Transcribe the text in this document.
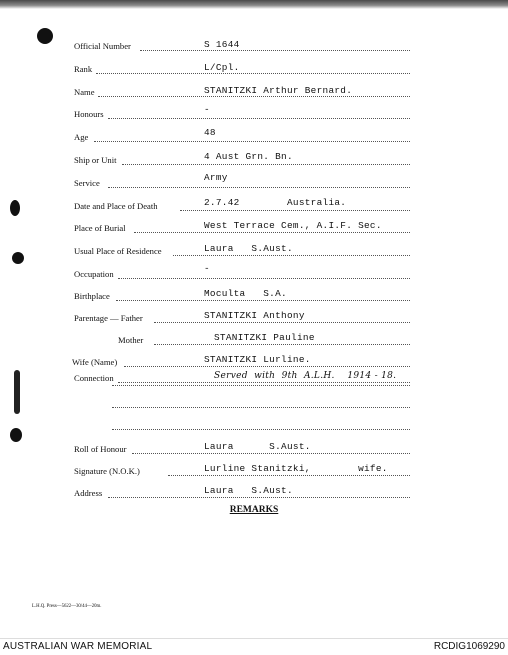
Official Number	S 1644
Rank	L/Cpl.
Name	STANITZKI Arthur Bernard.
Honours	-
Age	48
Ship or Unit	4 Aust Grn. Bn.
Service	Army
Date and Place of Death	2.7.42        Australia.
Place of Burial	West Terrace Cem., A.I.F. Sec.
Usual Place of Residence	Laura   S.Aust.
Occupation	-
Birthplace	Moculta   S.A.
Parentage — Father	STANITZKI Anthony
Mother	STANITZKI Pauline
Wife (Name)	STANITZKI Lurline.
Connection	Served  with  9th  A.L.H.    1914 - 18.
Roll of Honour	Laura      S.Aust.
Signature (N.O.K.)	Lurline Stanitzki,        wife.
Address	Laura   S.Aust.
REMARKS
L.H.Q. Press—5622—30/44—20m.
AUSTRALIAN WAR MEMORIAL	RCDIG1069290
